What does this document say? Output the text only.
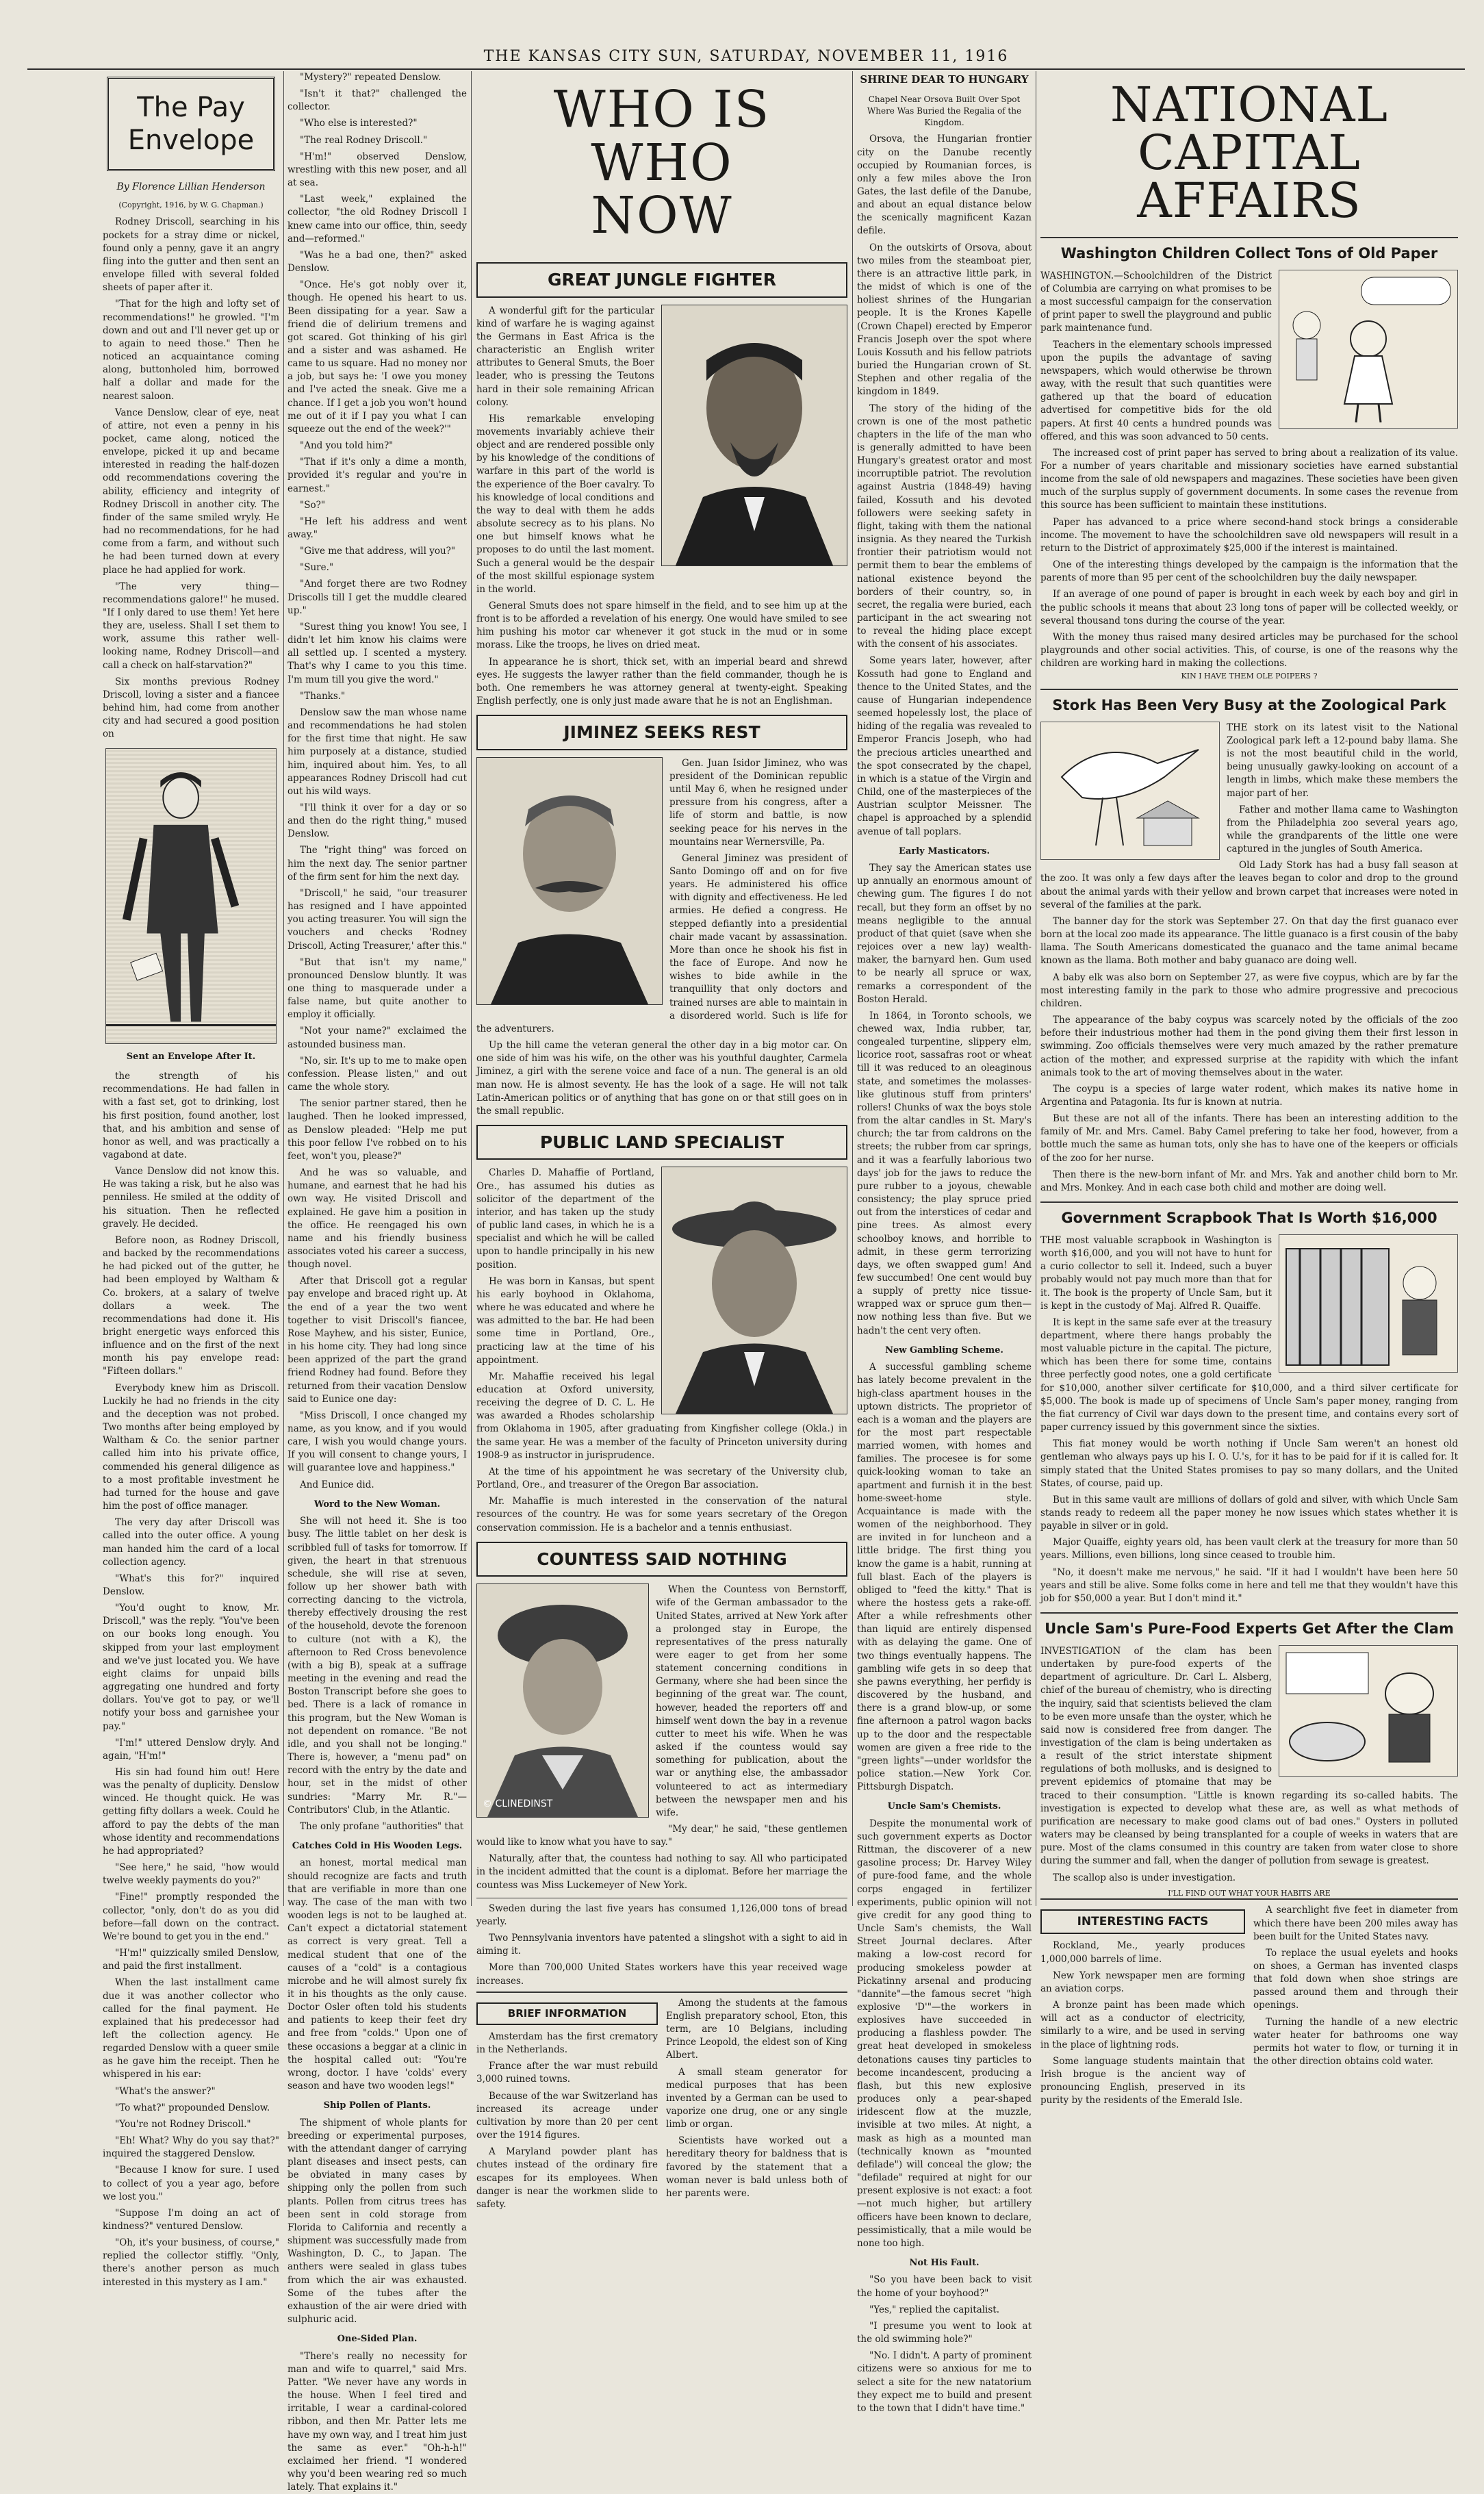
THE KANSAS CITY SUN, SATURDAY, NOVEMBER 11, 1916
The Pay Envelope
By Florence Lillian Henderson
(Copyright, 1916, by W. G. Chapman.)

Rodney Driscoll, searching in his pockets for a stray dime or nickel, found only a penny, gave it an angry fling into the gutter and then sent an envelope filled with several folded sheets of paper after it.

"That for the high and lofty set of recommendations!" he growled. "I'm down and out and I'll never get up or to again to need those." Then he noticed an acquaintance coming along, buttonholed him, borrowed half a dollar and made for the nearest saloon.

Vance Denslow, clear of eye, neat of attire, not even a penny in his pocket, came along, noticed the envelope, picked it up and became interested in reading the half-dozen odd recommendations covering the ability, efficiency and integrity of Rodney Driscoll in another city. The finder of the same smiled wryly. He had no recommendations, for he had come from a farm, and without such he had been turned down at every place he had applied for work.

"The very thing—recommendations galore!" he mused. "If I only dared to use them! Yet here they are, useless. Shall I set them to work, assume this rather well-looking name, Rodney Driscoll—and call a check on half-starvation?"

Six months previous Rodney Driscoll, loving a sister and a fiancee behind him, had come from another city and had secured a good position on

Sent an Envelope After It.

the strength of his recommendations. He had fallen in with a fast set, got to drinking, lost his first position, found another, lost that, and his ambition and sense of honor as well, and was practically a vagabond at date.

Vance Denslow did not know this. He was taking a risk, but he also was penniless. He smiled at the oddity of his situation. Then he reflected gravely. He decided.

Before noon, as Rodney Driscoll, and backed by the recommendations he had picked out of the gutter, he had been employed by Waltham & Co. brokers, at a salary of twelve dollars a week. The recommendations had done it. His bright energetic ways enforced this influence and on the first of the next month his pay envelope read: "Fifteen dollars."

Everybody knew him as Driscoll. Luckily he had no friends in the city and the deception was not probed. Two months after being employed by Waltham & Co. the senior partner called him into his private office, commended his general diligence as to a most profitable investment he had turned for the house and gave him the post of office manager.

The very day after Driscoll was called into the outer office. A young man handed him the card of a local collection agency.

"What's this for?" inquired Denslow.

"You'd ought to know, Mr. Driscoll," was the reply. "You've been on our books long enough. You skipped from your last employment and we've just located you. We have eight claims for unpaid bills aggregating one hundred and forty dollars. You've got to pay, or we'll notify your boss and garnishee your pay."

"I'm!" uttered Denslow dryly. And again, "H'm!"

His sin had found him out! Here was the penalty of duplicity. Denslow winced. He thought quick. He was getting fifty dollars a week. Could he afford to pay the debts of the man whose identity and recommendations he had appropriated?

"See here," he said, "how would twelve weekly payments do you?"

"Fine!" promptly responded the collector, "only, don't do as you did before—fall down on the contract. We're bound to get you in the end."

"H'm!" quizzically smiled Denslow, and paid the first installment.

When the last installment came due it was another collector who called for the final payment. He explained that his predecessor had left the collection agency. He regarded Denslow with a queer smile as he gave him the receipt. Then he whispered in his ear:

"What's the answer?"

"To what?" propounded Denslow.

"You're not Rodney Driscoll."

"Eh! What? Why do you say that?" inquired the staggered Denslow.

"Because I know for sure. I used to collect of you a year ago, before we lost you."

"Suppose I'm doing an act of kindness?" ventured Denslow.

"Oh, it's your business, of course," replied the collector stiffly. "Only, there's another person as much interested in this mystery as I am."

"Mystery?" repeated Denslow.

"Isn't it that?" challenged the collector.

"Who else is interested?"

"The real Rodney Driscoll."

"H'm!" observed Denslow, wrestling with this new poser, and all at sea.

"Last week," explained the collector, "the old Rodney Driscoll I knew came into our office, thin, seedy and—reformed."

"Was he a bad one, then?" asked Denslow.

"Once. He's got nobly over it, though. He opened his heart to us. Been dissipating for a year. Saw a friend die of delirium tremens and got scared. Got thinking of his girl and a sister and was ashamed. He came to us square. Had no money nor a job, but says he: 'I owe you money and I've acted the sneak. Give me a chance. If I get a job you won't hound me out of it if I pay you what I can squeeze out the end of the week?'"

"And you told him?"

"That if it's only a dime a month, provided it's regular and you're in earnest."

"So?"

"He left his address and went away."

"Give me that address, will you?"

"Sure."

"And forget there are two Rodney Driscolls till I get the muddle cleared up."

"Surest thing you know! You see, I didn't let him know his claims were all settled up. I scented a mystery. That's why I came to you this time. I'm mum till you give the word."

"Thanks."

Denslow saw the man whose name and recommendations he had stolen for the first time that night. He saw him purposely at a distance, studied him, inquired about him. Yes, to all appearances Rodney Driscoll had cut out his wild ways.

"I'll think it over for a day or so and then do the right thing," mused Denslow.

The "right thing" was forced on him the next day. The senior partner of the firm sent for him the next day.

"Driscoll," he said, "our treasurer has resigned and I have appointed you acting treasurer. You will sign the vouchers and checks 'Rodney Driscoll, Acting Treasurer,' after this."

"But that isn't my name," pronounced Denslow bluntly. It was one thing to masquerade under a false name, but quite another to employ it officially.

"Not your name?" exclaimed the astounded business man.

"No, sir. It's up to me to make open confession. Please listen," and out came the whole story.

The senior partner stared, then he laughed. Then he looked impressed, as Denslow pleaded: "Help me put this poor fellow I've robbed on to his feet, won't you, please?"

And he was so valuable, and humane, and earnest that he had his own way. He visited Driscoll and explained. He gave him a position in the office. He reengaged his own name and his friendly business associates voted his career a success, though novel.

After that Driscoll got a regular pay envelope and braced right up. At the end of a year the two went together to visit Driscoll's fiancee, Rose Mayhew, and his sister, Eunice, in his home city. They had long since been apprized of the part the grand friend Rodney had found. Before they returned from their vacation Denslow said to Eunice one day:

"Miss Driscoll, I once changed my name, as you know, and if you would care, I wish you would change yours. If you will consent to change yours, I will guarantee love and happiness."

And Eunice did.

Word to the New Woman.

She will not heed it. She is too busy. The little tablet on her desk is scribbled full of tasks for tomorrow. If given, the heart in that strenuous schedule, she will rise at seven, follow up her shower bath with correcting dancing to the victrola, thereby effectively drousing the rest of the household, devote the forenoon to culture (not with a K), the afternoon to Red Cross benevolence (with a big B), speak at a suffrage meeting in the evening and read the Boston Transcript before she goes to bed. There is a lack of romance in this program, but the New Woman is not dependent on romance. "Be not idle, and you shall not be longing." There is, however, a "menu pad" on record with the entry by the date and hour, set in the midst of other sundries: "Marry Mr. R."—Contributors' Club, in the Atlantic.

The only profane "authorities" that

Catches Cold in His Wooden Legs.

an honest, mortal medical man should recognize are facts and truth that are verifiable in more than one way. The case of the man with two wooden legs is not to be laughed at. Can't expect a dictatorial statement as correct is very great. Tell a medical student that one of the causes of a "cold" is a contagious microbe and he will almost surely fix it in his thoughts as the only cause. Doctor Osler often told his students and patients to keep their feet dry and free from "colds." Upon one of these occasions a beggar at a clinic in the hospital called out: "You're wrong, doctor. I have 'colds' every season and have two wooden legs!"

Ship Pollen of Plants.

The shipment of whole plants for breeding or experimental purposes, with the attendant danger of carrying plant diseases and insect pests, can be obviated in many cases by shipping only the pollen from such plants. Pollen from citrus trees has been sent in cold storage from Florida to California and recently a shipment was successfully made from Washington, D. C., to Japan. The anthers were sealed in glass tubes from which the air was exhausted. Some of the tubes after the exhaustion of the air were dried with sulphuric acid.

One-Sided Plan.

"There's really no necessity for man and wife to quarrel," said Mrs. Patter. "We never have any words in the house. When I feel tired and irritable, I wear a cardinal-colored ribbon, and then Mr. Patter lets me have my own way, and I treat him just the same as ever." "Oh-h-h!" exclaimed her friend. "I wondered why you'd been wearing red so much lately. That explains it."

WHO IS WHO
NOW
GREAT JUNGLE FIGHTER

A wonderful gift for the particular kind of warfare he is waging against the Germans in East Africa is the characteristic an English writer attributes to General Smuts, the Boer leader, who is pressing the Teutons hard in their sole remaining African colony.

His remarkable enveloping movements invariably achieve their object and are rendered possible only by his knowledge of the conditions of warfare in this part of the world is the experience of the Boer cavalry. To his knowledge of local conditions and the way to deal with them he adds absolute secrecy as to his plans. No one but himself knows what he proposes to do until the last moment. Such a general would be the despair of the most skillful espionage system in the world.

General Smuts does not spare himself in the field, and to see him up at the front is to be afforded a revelation of his energy. One would have smiled to see him pushing his motor car whenever it got stuck in the mud or in some morass. Like the troops, he lives on dried meat.

In appearance he is short, thick set, with an imperial beard and shrewd eyes. He suggests the lawyer rather than the field commander, though he is both. One remembers he was attorney general at twenty-eight. Speaking English perfectly, one is only just made aware that he is not an Englishman.

JIMINEZ SEEKS REST

Gen. Juan Isidor Jiminez, who was president of the Dominican republic until May 6, when he resigned under pressure from his congress, after a life of storm and battle, is now seeking peace for his nerves in the mountains near Wernersville, Pa.

General Jiminez was president of Santo Domingo off and on for five years. He administered his office with dignity and effectiveness. He led armies. He defied a congress. He stepped defiantly into a presidential chair made vacant by assassination. More than once he shook his fist in the face of Europe. And now he wishes to bide awhile in the tranquillity that only doctors and trained nurses are able to maintain in a disordered world. Such is life for the adventurers.

Up the hill came the veteran general the other day in a big motor car. On one side of him was his wife, on the other was his youthful daughter, Carmela Jiminez, a girl with the serene voice and face of a nun. The general is an old man now. He is almost seventy. He has the look of a sage. He will not talk Latin-American politics or of anything that has gone on or that still goes on in the small republic.

PUBLIC LAND SPECIALIST

Charles D. Mahaffie of Portland, Ore., has assumed his duties as solicitor of the department of the interior, and has taken up the study of public land cases, in which he is a specialist and which he will be called upon to handle principally in his new position.

He was born in Kansas, but spent his early boyhood in Oklahoma, where he was educated and where he was admitted to the bar. He had been some time in Portland, Ore., practicing law at the time of his appointment.

Mr. Mahaffie received his legal education at Oxford university, receiving the degree of D. C. L. He was awarded a Rhodes scholarship from Oklahoma in 1905, after graduating from Kingfisher college (Okla.) in the same year. He was a member of the faculty of Princeton university during 1908-9 as instructor in jurisprudence.

At the time of his appointment he was secretary of the University club, Portland, Ore., and treasurer of the Oregon Bar association.

Mr. Mahaffie is much interested in the conservation of the natural resources of the country. He was for some years secretary of the Oregon conservation commission. He is a bachelor and a tennis enthusiast.

COUNTESS SAID NOTHING
© CLINEDINST

When the Countess von Bernstorff, wife of the German ambassador to the United States, arrived at New York after a prolonged stay in Europe, the representatives of the press naturally were eager to get from her some statement concerning conditions in Germany, where she had been since the beginning of the great war. The count, however, headed the reporters off and himself went down the bay in a revenue cutter to meet his wife. When he was asked if the countess would say something for publication, about the war or anything else, the ambassador volunteered to act as intermediary between the newspaper men and his wife.

"My dear," he said, "these gentlemen would like to know what you have to say."

Naturally, after that, the countess had nothing to say. All who participated in the incident admitted that the count is a diplomat. Before her marriage the countess was Miss Luckemeyer of New York.

Sweden during the last five years has consumed 1,126,000 tons of bread yearly.

Two Pennsylvania inventors have patented a slingshot with a sight to aid in aiming it.

More than 700,000 United States workers have this year received wage increases.

BRIEF INFORMATION

Amsterdam has the first crematory in the Netherlands.

France after the war must rebuild 3,000 ruined towns.

Because of the war Switzerland has increased its acreage under cultivation by more than 20 per cent over the 1914 figures.

A Maryland powder plant has chutes instead of the ordinary fire escapes for its employees. When danger is near the workmen slide to safety.

Among the students at the famous English preparatory school, Eton, this term, are 10 Belgians, including Prince Leopold, the eldest son of King Albert.

A small steam generator for medical purposes that has been invented by a German can be used to vaporize one drug, one or any single limb or organ.

Scientists have worked out a hereditary theory for baldness that is favored by the statement that a woman never is bald unless both of her parents were.

SHRINE DEAR TO HUNGARY
Chapel Near Orsova Built Over Spot Where Was Buried the Regalia of the Kingdom.

Orsova, the Hungarian frontier city on the Danube recently occupied by Roumanian forces, is only a few miles above the Iron Gates, the last defile of the Danube, and about an equal distance below the scenically magnificent Kazan defile.

On the outskirts of Orsova, about two miles from the steamboat pier, there is an attractive little park, in the midst of which is one of the holiest shrines of the Hungarian people. It is the Krones Kapelle (Crown Chapel) erected by Emperor Francis Joseph over the spot where Louis Kossuth and his fellow patriots buried the Hungarian crown of St. Stephen and other regalia of the kingdom in 1849.

The story of the hiding of the crown is one of the most pathetic chapters in the life of the man who is generally admitted to have been Hungary's greatest orator and most incorruptible patriot. The revolution against Austria (1848-49) having failed, Kossuth and his devoted followers were seeking safety in flight, taking with them the national insignia. As they neared the Turkish frontier their patriotism would not permit them to bear the emblems of national existence beyond the borders of their country, so, in secret, the regalia were buried, each participant in the act swearing not to reveal the hiding place except with the consent of his associates.

Some years later, however, after Kossuth had gone to England and thence to the United States, and the cause of Hungarian independence seemed hopelessly lost, the place of hiding of the regalia was revealed to Emperor Francis Joseph, who had the precious articles unearthed and the spot consecrated by the chapel, in which is a statue of the Virgin and Child, one of the masterpieces of the Austrian sculptor Meissner. The chapel is approached by a splendid avenue of tall poplars.

Early Masticators.

They say the American states use up annually an enormous amount of chewing gum. The figures I do not recall, but they form an offset by no means negligible to the annual product of that quiet (save when she rejoices over a new lay) wealth-maker, the barnyard hen. Gum used to be nearly all spruce or wax, remarks a correspondent of the Boston Herald.

In 1864, in Toronto schools, we chewed wax, India rubber, tar, congealed turpentine, slippery elm, licorice root, sassafras root or wheat till it was reduced to an oleaginous state, and sometimes the molasses-like glutinous stuff from printers' rollers! Chunks of wax the boys stole from the altar candles in St. Mary's church; the tar from caldrons on the streets; the rubber from car springs, and it was a fearfully laborious two days' job for the jaws to reduce the pure rubber to a joyous, chewable consistency; the play spruce pried out from the interstices of cedar and pine trees. As almost every schoolboy knows, and horrible to admit, in these germ terrorizing days, we often swapped gum! And few succumbed! One cent would buy a supply of pretty nice tissue-wrapped wax or spruce gum then—now nothing less than five. But we hadn't the cent very often.

New Gambling Scheme.

A successful gambling scheme has lately become prevalent in the high-class apartment houses in the uptown districts. The proprietor of each is a woman and the players are for the most part respectable married women, with homes and families. The procesee is for some quick-looking woman to take an apartment and furnish it in the best home-sweet-home style. Acquaintance is made with the women of the neighborhood. They are invited in for luncheon and a little bridge. The first thing you know the game is a habit, running at full blast. Each of the players is obliged to "feed the kitty." That is where the hostess gets a rake-off. After a while refreshments other than liquid are entirely dispensed with as delaying the game. One of two things eventually happens. The gambling wife gets in so deep that she pawns everything, her perfidy is discovered by the husband, and there is a grand blow-up, or some fine afternoon a patrol wagon backs up to the door and the respectable women are given a free ride to the "green lights"—under worldsfor the police station.—New York Cor. Pittsburgh Dispatch.

Uncle Sam's Chemists.

Despite the monumental work of such government experts as Doctor Rittman, the discoverer of a new gasoline process; Dr. Harvey Wiley of pure-food fame, and the whole corps engaged in fertilizer experiments, public opinion will not give credit for any good thing to Uncle Sam's chemists, the Wall Street Journal declares. After making a low-cost record for producing smokeless powder at Pickatinny arsenal and producing "dannite"—the famous secret "high explosive 'D'"—the workers in explosives have succeeded in producing a flashless powder. The great heat developed in smokeless detonations causes tiny particles to become incandescent, producing a flash, but this new explosive produces only a pear-shaped iridescent flow at the muzzle, invisible at two miles. At night, a mask as high as a mounted man (technically known as "mounted defilade") will conceal the glow; the "defilade" required at night for our present explosive is not exact: a foot—not much higher, but artillery officers have been known to declare, pessimistically, that a mile would be none too high.

Not His Fault.

"So you have been back to visit the home of your boyhood?"

"Yes," replied the capitalist.

"I presume you went to look at the old swimming hole?"

"No. I didn't. A party of prominent citizens were so anxious for me to select a site for the new natatorium they expect me to build and present to the town that I didn't have time."

NATIONAL
CAPITAL AFFAIRS
Washington Children Collect Tons of Old Paper

WASHINGTON.—Schoolchildren of the District of Columbia are carrying on what promises to be a most successful campaign for the conservation of print paper to swell the playground and public park maintenance fund.

Teachers in the elementary schools impressed upon the pupils the advantage of saving newspapers, which would otherwise be thrown away, with the result that such quantities were gathered up that the board of education advertised for competitive bids for the old papers. At first 40 cents a hundred pounds was offered, and this was soon advanced to 50 cents.

The increased cost of print paper has served to bring about a realization of its value. For a number of years charitable and missionary societies have earned substantial income from the sale of old newspapers and magazines. These societies have been given much of the surplus supply of government documents. In some cases the revenue from this source has been sufficient to maintain these institutions.

Paper has advanced to a price where second-hand stock brings a considerable income. The movement to have the schoolchildren save old newspapers will result in a return to the District of approximately $25,000 if the interest is maintained.

One of the interesting things developed by the campaign is the information that the parents of more than 95 per cent of the schoolchildren buy the daily newspaper.

If an average of one pound of paper is brought in each week by each boy and girl in the public schools it means that about 23 long tons of paper will be collected weekly, or several thousand tons during the course of the year.

With the money thus raised many desired articles may be purchased for the school playgrounds and other social activities. This, of course, is one of the reasons why the children are working hard in making the collections.

KIN I HAVE THEM OLE POIPERS ?
Stork Has Been Very Busy at the Zoological Park

THE stork on its latest visit to the National Zoological park left a 12-pound baby llama. She is not the most beautiful child in the world, being unusually gawky-looking on account of a length in limbs, which make these members the major part of her.

Father and mother llama came to Washington from the Philadelphia zoo several years ago, while the grandparents of the little one were captured in the jungles of South America.

Old Lady Stork has had a busy fall season at the zoo. It was only a few days after the leaves began to color and drop to the ground about the animal yards with their yellow and brown carpet that increases were noted in several of the families at the park.

The banner day for the stork was September 27. On that day the first guanaco ever born at the local zoo made its appearance. The little guanaco is a first cousin of the baby llama. The South Americans domesticated the guanaco and the tame animal became known as the llama. Both mother and baby guanaco are doing well.

A baby elk was also born on September 27, as were five coypus, which are by far the most interesting family in the park to those who admire progressive and precocious children.

The appearance of the baby coypus was scarcely noted by the officials of the zoo before their industrious mother had them in the pond giving them their first lesson in swimming. Zoo officials themselves were very much amazed by the rather premature action of the mother, and expressed surprise at the rapidity with which the infant animals took to the art of moving themselves about in the water.

The coypu is a species of large water rodent, which makes its native home in Argentina and Patagonia. Its fur is known at nutria.

But these are not all of the infants. There has been an interesting addition to the family of Mr. and Mrs. Camel. Baby Camel prefering to take her food, however, from a bottle much the same as human tots, only she has to have one of the keepers or officials of the zoo for her nurse.

Then there is the new-born infant of Mr. and Mrs. Yak and another child born to Mr. and Mrs. Monkey. And in each case both child and mother are doing well.

Government Scrapbook That Is Worth $16,000

THE most valuable scrapbook in Washington is worth $16,000, and you will not have to hunt for a curio collector to sell it. Indeed, such a buyer probably would not pay much more than that for it. The book is the property of Uncle Sam, but it is kept in the custody of Maj. Alfred R. Quaiffe.

It is kept in the same safe ever at the treasury department, where there hangs probably the most valuable picture in the capital. The picture, which has been there for some time, contains three perfectly good notes, one a gold certificate for $10,000, another silver certificate for $10,000, and a third silver certificate for $5,000. The book is made up of specimens of Uncle Sam's paper money, ranging from the fiat currency of Civil war days down to the present time, and contains every sort of paper currency issued by this government since the sixties.

This fiat money would be worth nothing if Uncle Sam weren't an honest old gentleman who always pays up his I. O. U.'s, for it has to be paid for if it is called for. It simply stated that the United States promises to pay so many dollars, and the United States, of course, paid up.

But in this same vault are millions of dollars of gold and silver, with which Uncle Sam stands ready to redeem all the paper money he now issues which states whether it is payable in silver or in gold.

Major Quaiffe, eighty years old, has been vault clerk at the treasury for more than 50 years. Millions, even billions, long since ceased to trouble him.

"No, it doesn't make me nervous," he said. "If it had I wouldn't have been here 50 years and still be alive. Some folks come in here and tell me that they wouldn't have this job for $50,000 a year. But I don't mind it."

Uncle Sam's Pure-Food Experts Get After the Clam

INVESTIGATION of the clam has been undertaken by pure-food experts of the department of agriculture. Dr. Carl L. Alsberg, chief of the bureau of chemistry, who is directing the inquiry, said that scientists believed the clam to be even more unsafe than the oyster, which he said now is considered free from danger. The investigation of the clam is being undertaken as a result of the strict interstate shipment regulations of both mollusks, and is designed to prevent epidemics of ptomaine that may be traced to their consumption. "Little is known regarding its so-called habits. The investigation is expected to develop what these are, as well as what methods of purification are necessary to make good clams out of bad ones." Oysters in polluted waters may be cleansed by being transplanted for a couple of weeks in waters that are pure. Most of the clams consumed in this country are taken from water close to shore during the summer and fall, when the danger of pollution from sewage is greatest.

The scallop also is under investigation.

I'LL FIND OUT WHAT YOUR HABITS ARE
INTERESTING FACTS

Rockland, Me., yearly produces 1,000,000 barrels of lime.

New York newspaper men are forming an aviation corps.

A bronze paint has been made which will act as a conductor of electricity, similarly to a wire, and be used in serving in the place of lightning rods.

Some language students maintain that Irish brogue is the ancient way of pronouncing English, preserved in its purity by the residents of the Emerald Isle.

A searchlight five feet in diameter from which there have been 200 miles away has been built for the United States navy.

To replace the usual eyelets and hooks on shoes, a German has invented clasps that fold down when shoe strings are passed around them and through their openings.

Turning the handle of a new electric water heater for bathrooms one way permits hot water to flow, or turning it in the other direction obtains cold water.
